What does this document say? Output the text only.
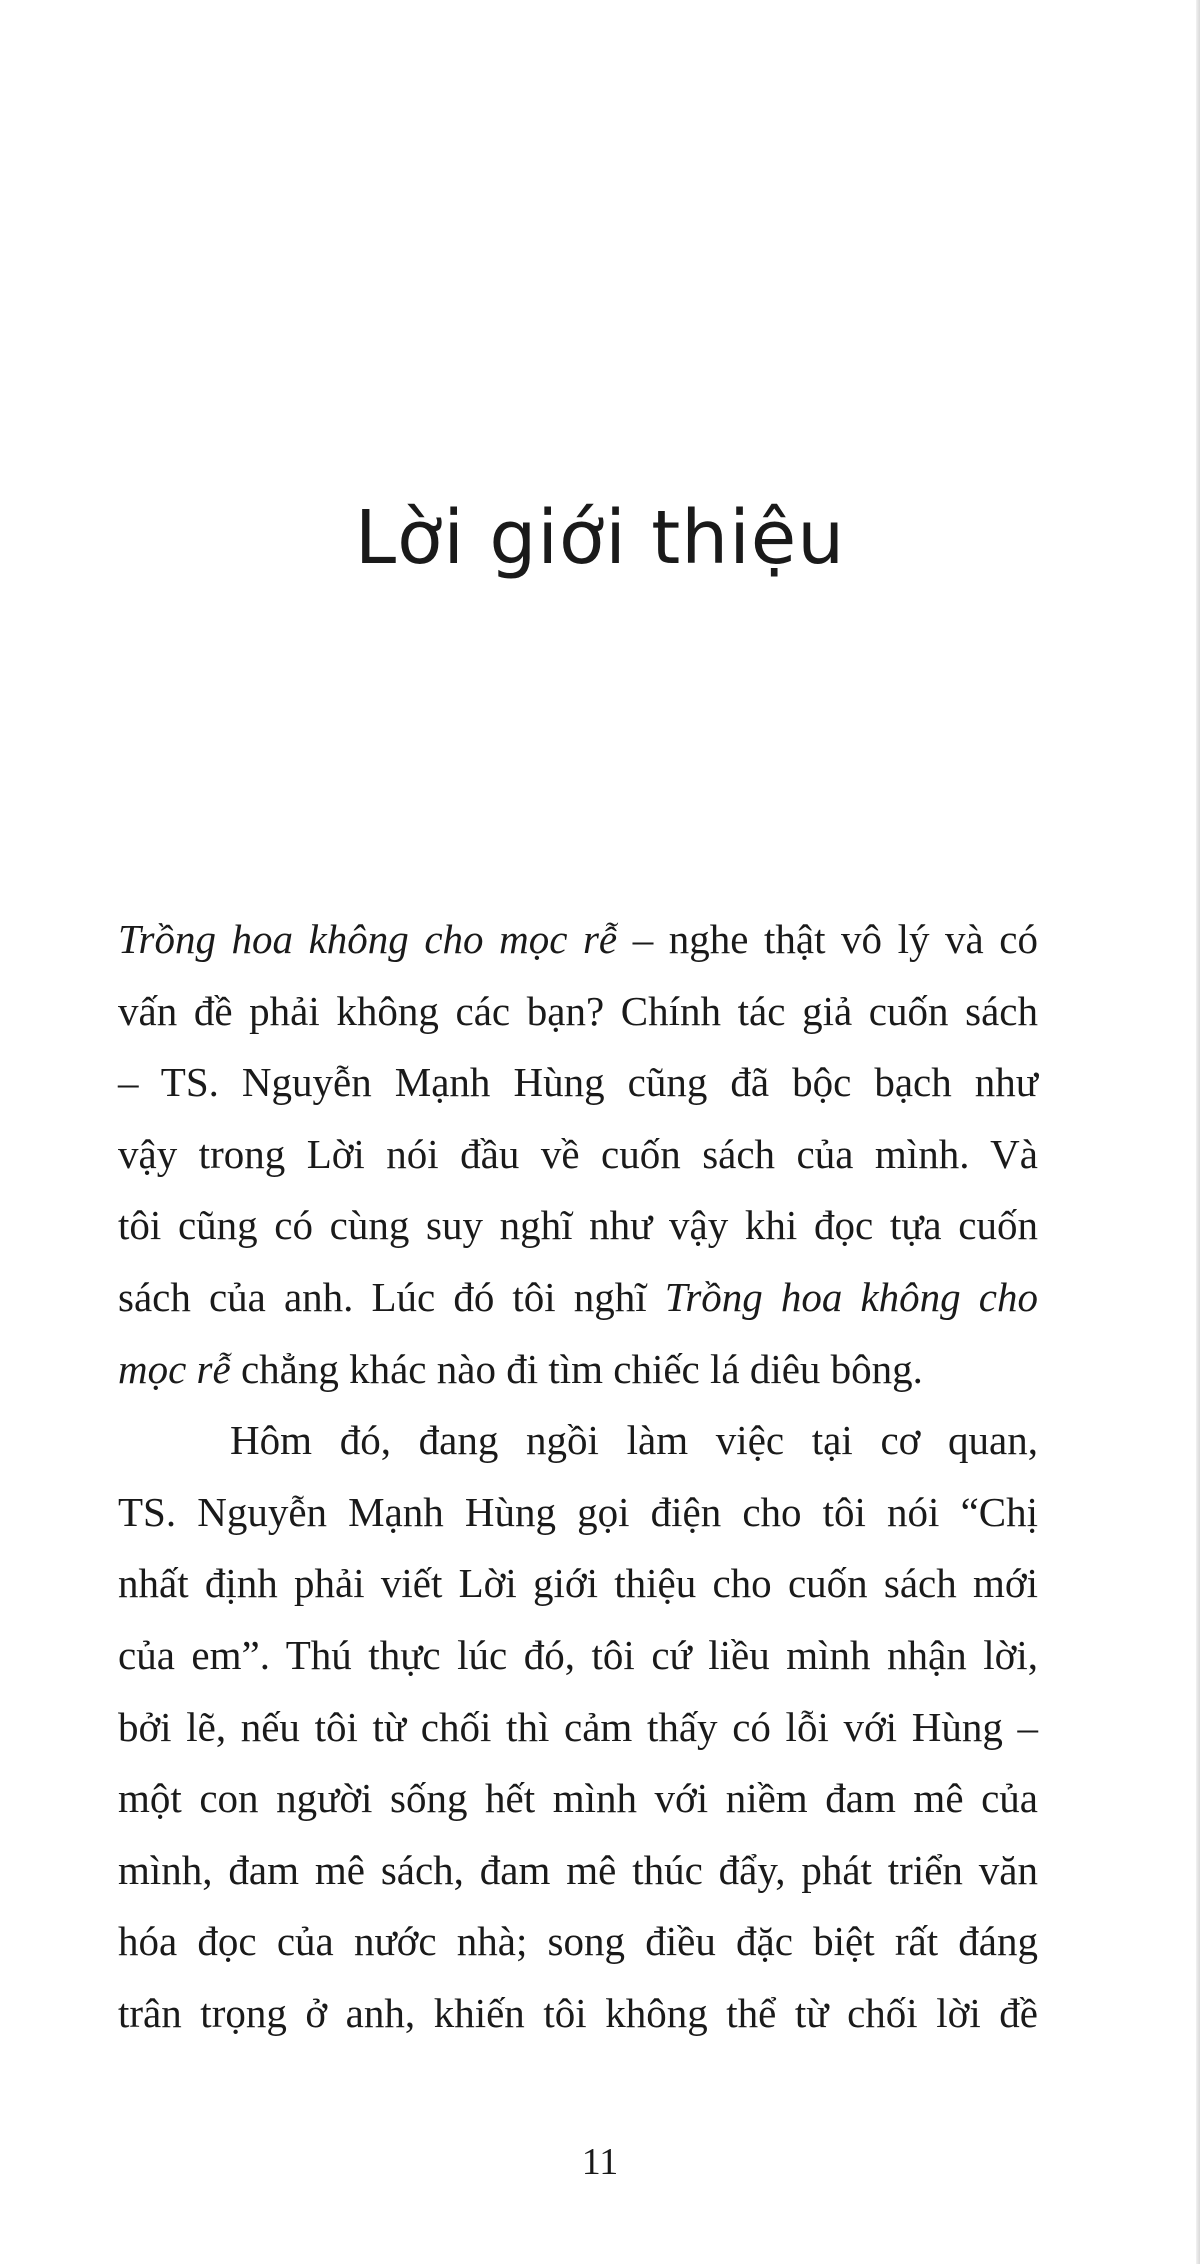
Lời giới thiệu
Trồng hoa không cho mọc rễ – nghe thật vô lý và có
vấn đề phải không các bạn? Chính tác giả cuốn sách
– TS. Nguyễn Mạnh Hùng cũng đã bộc bạch như
vậy trong Lời nói đầu về cuốn sách của mình. Và
tôi cũng có cùng suy nghĩ như vậy khi đọc tựa cuốn
sách của anh. Lúc đó tôi nghĩ Trồng hoa không cho
mọc rễ chẳng khác nào đi tìm chiếc lá diêu bông.
Hôm đó, đang ngồi làm việc tại cơ quan,
TS. Nguyễn Mạnh Hùng gọi điện cho tôi nói “Chị
nhất định phải viết Lời giới thiệu cho cuốn sách mới
của em”. Thú thực lúc đó, tôi cứ liều mình nhận lời,
bởi lẽ, nếu tôi từ chối thì cảm thấy có lỗi với Hùng –
một con người sống hết mình với niềm đam mê của
mình, đam mê sách, đam mê thúc đẩy, phát triển văn
hóa đọc của nước nhà; song điều đặc biệt rất đáng
trân trọng ở anh, khiến tôi không thể từ chối lời đề

11
